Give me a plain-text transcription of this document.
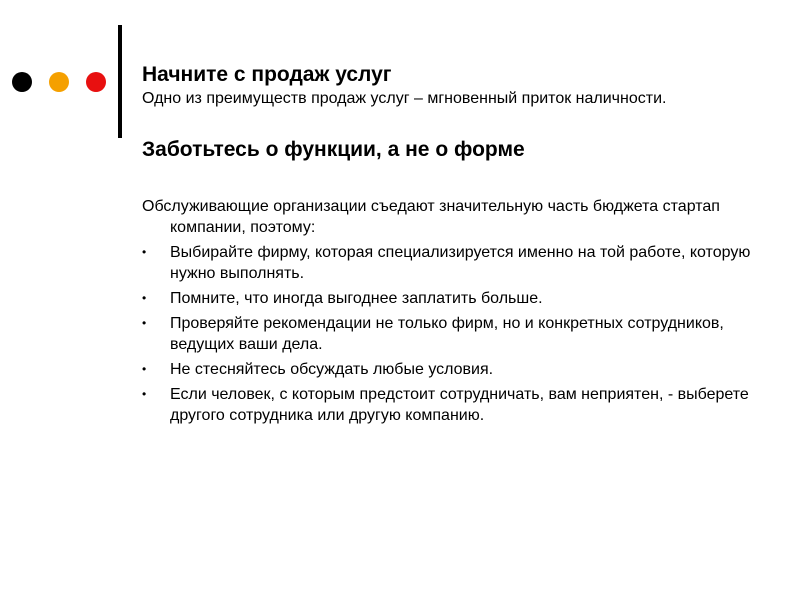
Начните с продаж услуг

Одно из преимуществ продаж услуг – мгновенный приток наличности.

Заботьтесь о функции, а не о форме

Обслуживающие организации съедают значительную часть бюджета стартап компании, поэтому:

• Выбирайте фирму, которая специализируется именно на той работе, которую нужно выполнять.
• Помните, что иногда выгоднее заплатить больше.
• Проверяйте рекомендации не только фирм, но и конкретных сотрудников, ведущих ваши дела.
• Не стесняйтесь обсуждать любые условия.
• Если человек, с которым предстоит сотрудничать, вам неприятен, - выберете другого сотрудника или другую компанию.
